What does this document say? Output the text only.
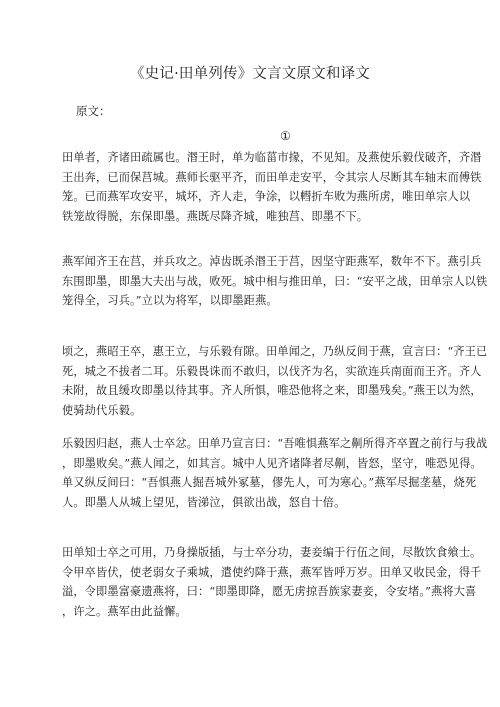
《史记·田单列传》文言文原文和译文
原文：
①
田单者，齐诸田疏属也。湣王时，单为临菑市掾，不见知。及燕使乐毅伐破齐，齐湣
王出奔，已而保莒城。燕师长驱平齐，而田单走安平，令其宗人尽断其车轴末而傅铁
笼。已而燕军攻安平，城坏，齐人走，争涂，以轊折车败为燕所虏，唯田单宗人以
铁笼故得脱，东保即墨。燕既尽降齐城，唯独莒、即墨不下。
燕军闻齐王在莒，并兵攻之。淖齿既杀湣王于莒，因坚守距燕军，数年不下。燕引兵
东围即墨，即墨大夫出与战，败死。城中相与推田单，曰：“安平之战，田单宗人以铁
笼得全，习兵。”立以为将军，以即墨距燕。
顷之，燕昭王卒，惠王立，与乐毅有隙。田单闻之，乃纵反间于燕，宣言曰：“齐王已
死，城之不拔者二耳。乐毅畏诛而不敢归，以伐齐为名，实欲连兵南面而王齐。齐人
未附，故且缓攻即墨以待其事。齐人所惧，唯恐他将之来，即墨残矣。”燕王以为然，
使骑劫代乐毅。
乐毅因归赵，燕人士卒忿。田单乃宣言曰：“吾唯惧燕军之劓所得齐卒置之前行与我战
，即墨败矣。”燕人闻之，如其言。城中人见齐诸降者尽劓，皆怒，坚守，唯恐见得。
单又纵反间曰：“吾惧燕人掘吾城外冢墓，僇先人，可为寒心。”燕军尽掘垄墓，烧死
人。即墨人从城上望见，皆涕泣，俱欲出战，怒自十倍。
田单知士卒之可用，乃身操版插，与士卒分功，妻妾编于行伍之间，尽散饮食飨士。
令甲卒皆伏，使老弱女子乘城，遣使约降于燕，燕军皆呼万岁。田单又收民金，得千
溢，令即墨富豪遗燕将，曰：“即墨即降，愿无虏掠吾族家妻妾，令安堵。”燕将大喜
，许之。燕军由此益懈。
